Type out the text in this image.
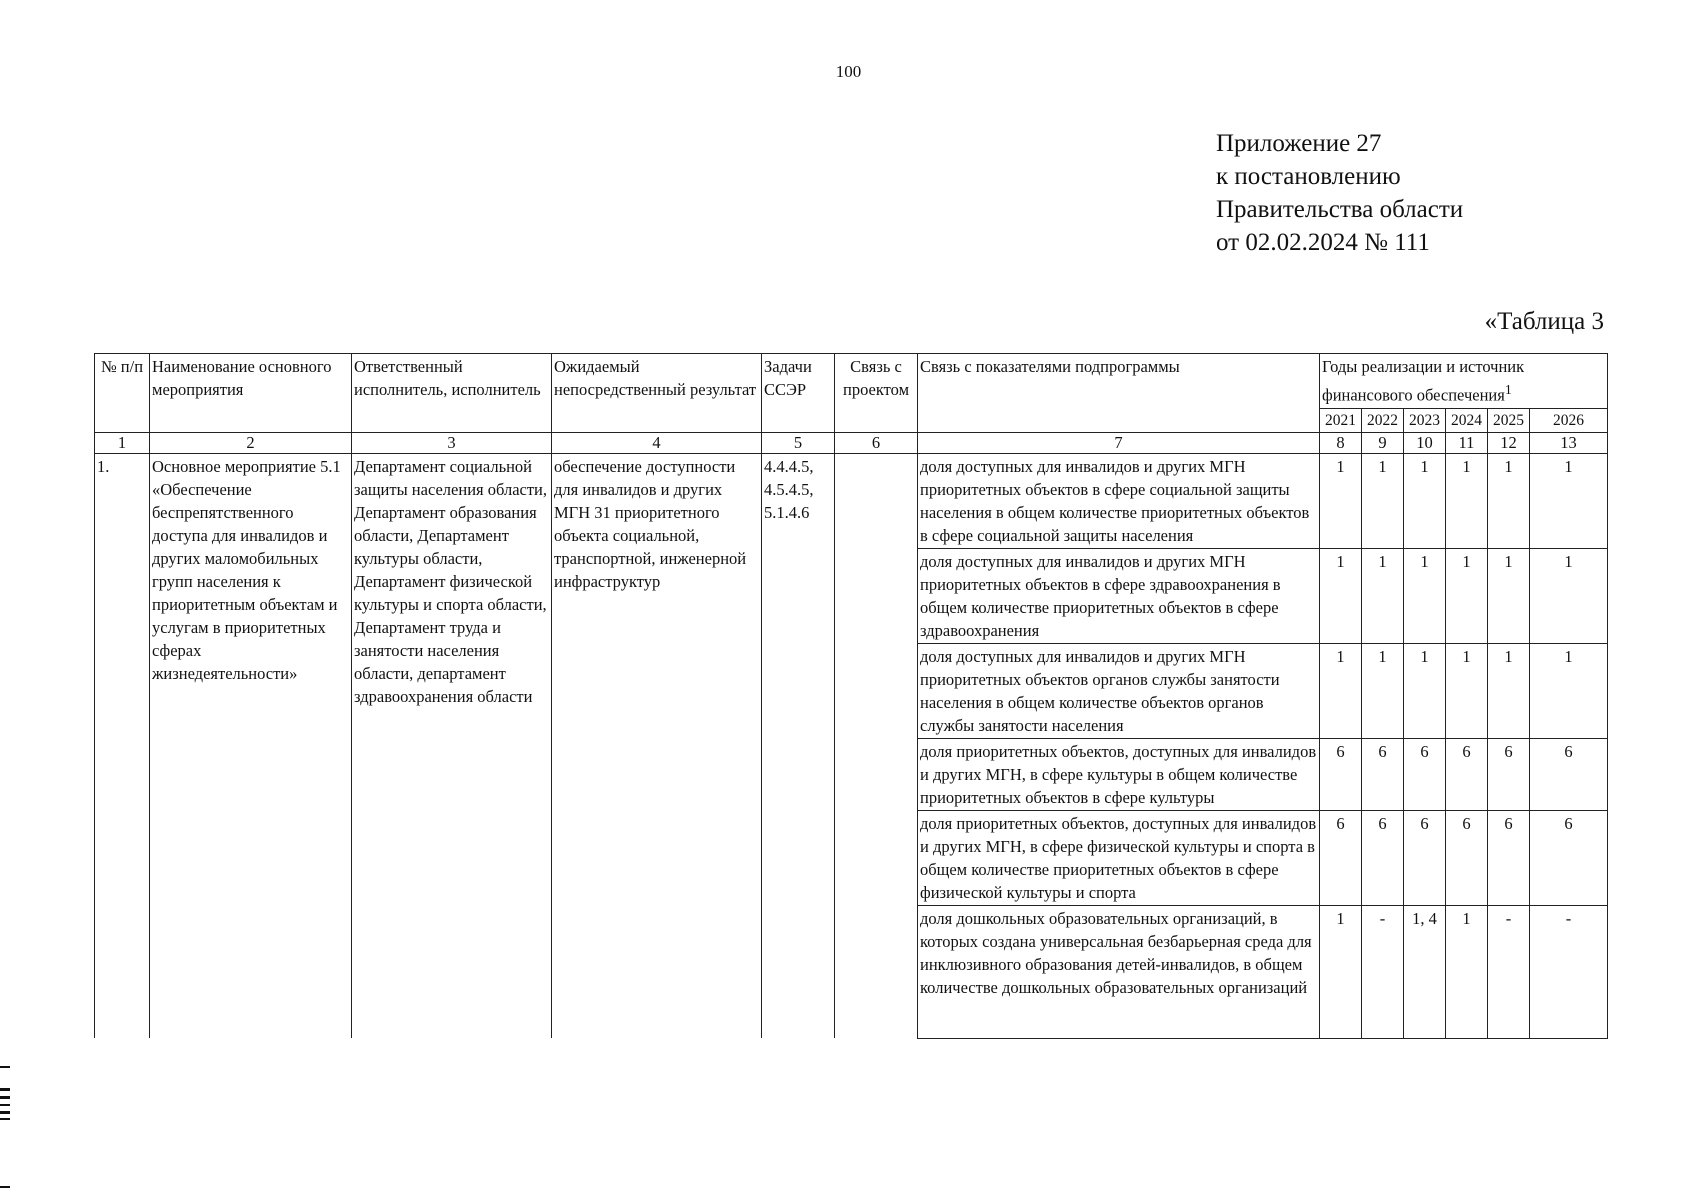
100
Приложение 27
к постановлению
Правительства области
от 02.02.2024 № 111
«Таблица 3
№ п/п	Наименование основного мероприятия	Ответственный исполнитель, исполнитель	Ожидаемый непосредственный результат	Задачи ССЭР	Связь с проектом	Связь с показателями подпрограммы	Годы реализации и источник финансового обеспечения$^1$
							2021	2022	2023	2024	2025	2026
1	2	3	4	5	6	7	8	9	10	11	12	13
1.	Основное мероприятие 5.1 «Обеспечение беспрепятственного доступа для инвалидов и других маломобильных групп населения к приоритетным объектам и услугам в приоритетных сферах жизнедеятельности»	Департамент социальной защиты населения области, Департамент образования области, Департамент культуры области, Департамент физической культуры и спорта области, Департамент труда и занятости населения области, департамент здравоохранения области	обеспечение доступности для инвалидов и других МГН 31 приоритетного объекта социальной, транспортной, инженерной инфраструктур	4.4.4.5, 4.5.4.5, 5.1.4.6		доля доступных для инвалидов и других МГН приоритетных объектов в сфере социальной защиты населения в общем количестве приоритетных объектов в сфере социальной защиты населения	1	1	1	1	1	1
						доля доступных для инвалидов и других МГН приоритетных объектов в сфере здравоохранения в общем количестве приоритетных объектов в сфере здравоохранения	1	1	1	1	1	1
						доля доступных для инвалидов и других МГН приоритетных объектов органов службы занятости населения в общем количестве объектов органов службы занятости населения	1	1	1	1	1	1
						доля приоритетных объектов, доступных для инвалидов и других МГН, в сфере культуры в общем количестве приоритетных объектов в сфере культуры	6	6	6	6	6	6
						доля приоритетных объектов, доступных для инвалидов и других МГН, в сфере физической культуры и спорта в общем количестве приоритетных объектов в сфере физической культуры и спорта	6	6	6	6	6	6
						доля дошкольных образовательных организаций, в которых создана универсальная безбарьерная среда для инклюзивного образования детей-инвалидов, в общем количестве дошкольных образовательных организаций	1	-	1, 4	1	-	-
